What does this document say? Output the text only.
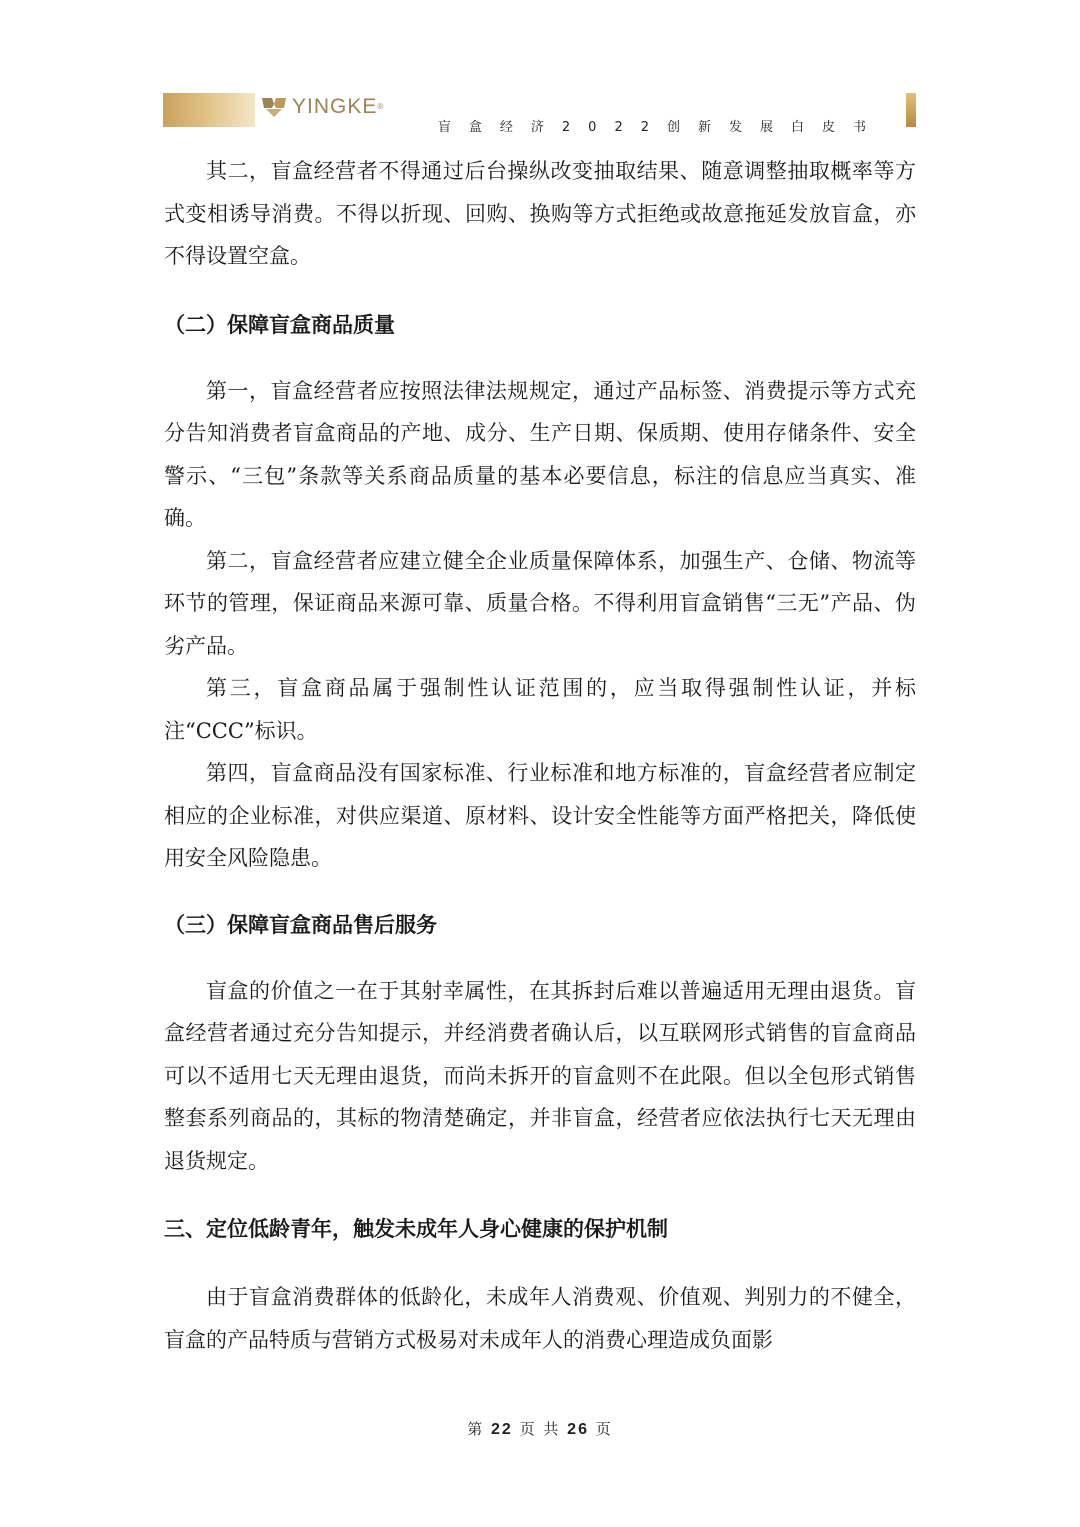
YINGKE®
盲盒经济2022创新发展白皮书

其二，盲盒经营者不得通过后台操纵改变抽取结果、随意调整抽取概率等方式变相诱导消费。不得以折现、回购、换购等方式拒绝或故意拖延发放盲盒，亦不得设置空盒。

（二）保障盲盒商品质量

第一，盲盒经营者应按照法律法规规定，通过产品标签、消费提示等方式充分告知消费者盲盒商品的产地、成分、生产日期、保质期、使用存储条件、安全警示、“三包”条款等关系商品质量的基本必要信息，标注的信息应当真实、准确。

第二，盲盒经营者应建立健全企业质量保障体系，加强生产、仓储、物流等环节的管理，保证商品来源可靠、质量合格。不得利用盲盒销售“三无”产品、伪劣产品。

第三，盲盒商品属于强制性认证范围的，应当取得强制性认证，并标注“CCC”标识。

第四，盲盒商品没有国家标准、行业标准和地方标准的，盲盒经营者应制定相应的企业标准，对供应渠道、原材料、设计安全性能等方面严格把关，降低使用安全风险隐患。

（三）保障盲盒商品售后服务

盲盒的价值之一在于其射幸属性，在其拆封后难以普遍适用无理由退货。盲盒经营者通过充分告知提示，并经消费者确认后，以互联网形式销售的盲盒商品可以不适用七天无理由退货，而尚未拆开的盲盒则不在此限。但以全包形式销售整套系列商品的，其标的物清楚确定，并非盲盒，经营者应依法执行七天无理由退货规定。

三、定位低龄青年，触发未成年人身心健康的保护机制

由于盲盒消费群体的低龄化，未成年人消费观、价值观、判别力的不健全，盲盒的产品特质与营销方式极易对未成年人的消费心理造成负面影

第 22 页 共 26 页
